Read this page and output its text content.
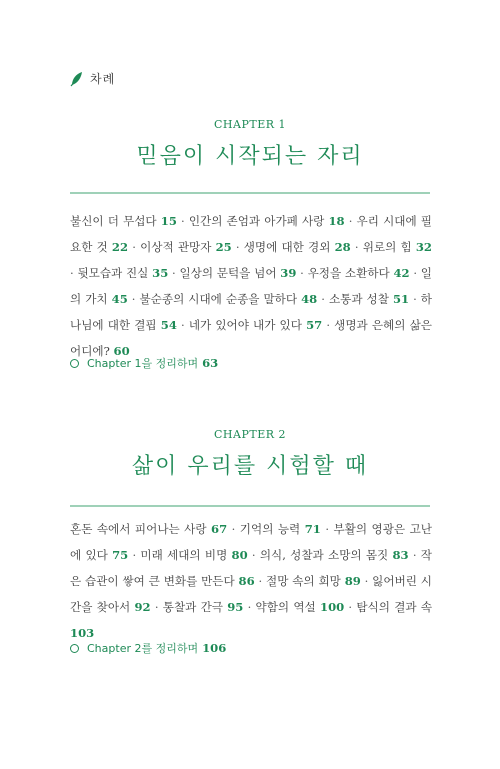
차례
CHAPTER 1
믿음이 시작되는 자리
불신이 더 무섭다 15 · 인간의 존엄과 아가페 사랑 18 · 우리 시대에 필요한 것 22 · 이상적 관망자 25 · 생명에 대한 경외 28 · 위로의 힘 32 · 뒷모습과 진실 35 · 일상의 문턱을 넘어 39 · 우정을 소환하다 42 · 일의 가치 45 · 불순종의 시대에 순종을 말하다 48 · 소통과 성찰 51 · 하나님에 대한 결핍 54 · 네가 있어야 내가 있다 57 · 생명과 은혜의 삶은 어디에? 60
Chapter 1을 정리하며 63
CHAPTER 2
삶이 우리를 시험할 때
혼돈 속에서 피어나는 사랑 67 · 기억의 능력 71 · 부활의 영광은 고난에 있다 75 · 미래 세대의 비명 80 · 의식, 성찰과 소망의 몸짓 83 · 작은 습관이 쌓여 큰 변화를 만든다 86 · 절망 속의 희망 89 · 잃어버린 시간을 찾아서 92 · 통찰과 간극 95 · 약함의 역설 100 · 탐식의 결과 속 103
Chapter 2를 정리하며 106
